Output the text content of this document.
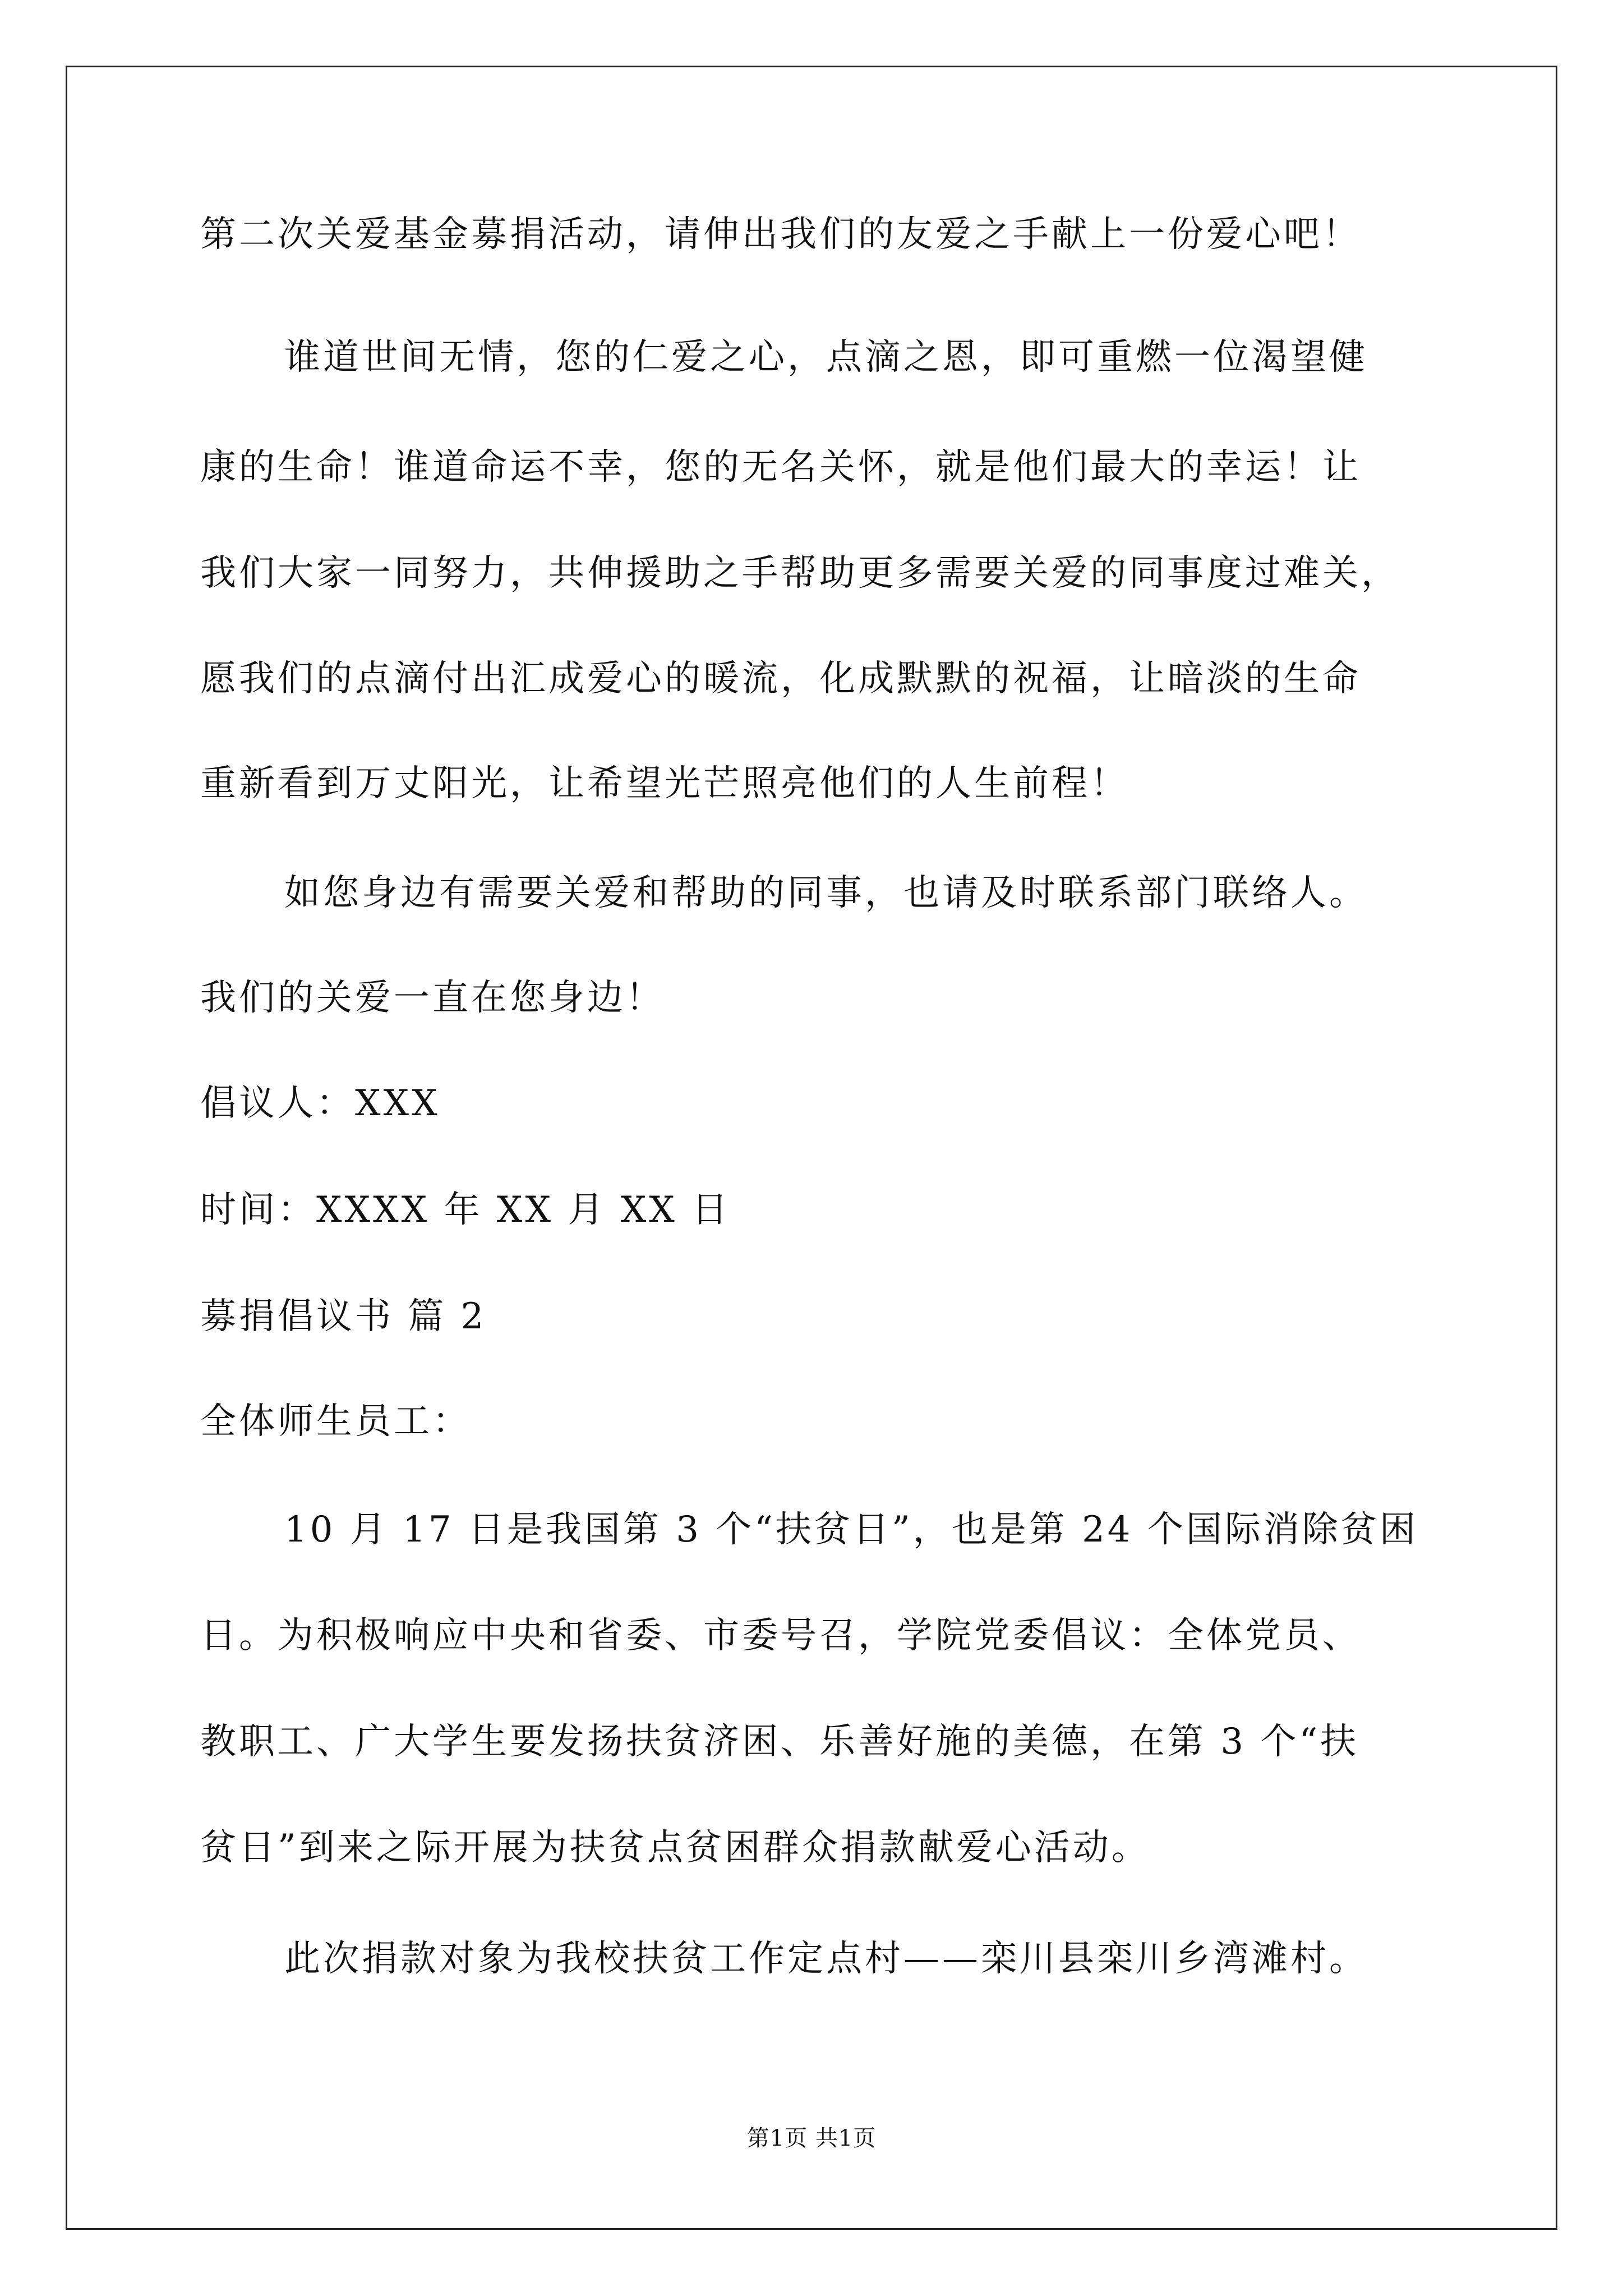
第二次关爱基金募捐活动，请伸出我们的友爱之手献上一份爱心吧！
谁道世间无情，您的仁爱之心，点滴之恩，即可重燃一位渴望健
康的生命！谁道命运不幸，您的无名关怀，就是他们最大的幸运！让
我们大家一同努力，共伸援助之手帮助更多需要关爱的同事度过难关，
愿我们的点滴付出汇成爱心的暖流，化成默默的祝福，让暗淡的生命
重新看到万丈阳光，让希望光芒照亮他们的人生前程！
如您身边有需要关爱和帮助的同事，也请及时联系部门联络人。
我们的关爱一直在您身边！
倡议人：XXX
时间：XXXX 年 XX 月 XX 日
募捐倡议书 篇 2
全体师生员工：
10 月 17 日是我国第 3 个“扶贫日”，也是第 24 个国际消除贫困
日。为积极响应中央和省委、市委号召，学院党委倡议：全体党员、
教职工、广大学生要发扬扶贫济困、乐善好施的美德，在第 3 个“扶
贫日”到来之际开展为扶贫点贫困群众捐款献爱心活动。
此次捐款对象为我校扶贫工作定点村——栾川县栾川乡湾滩村。
第1页 共1页
